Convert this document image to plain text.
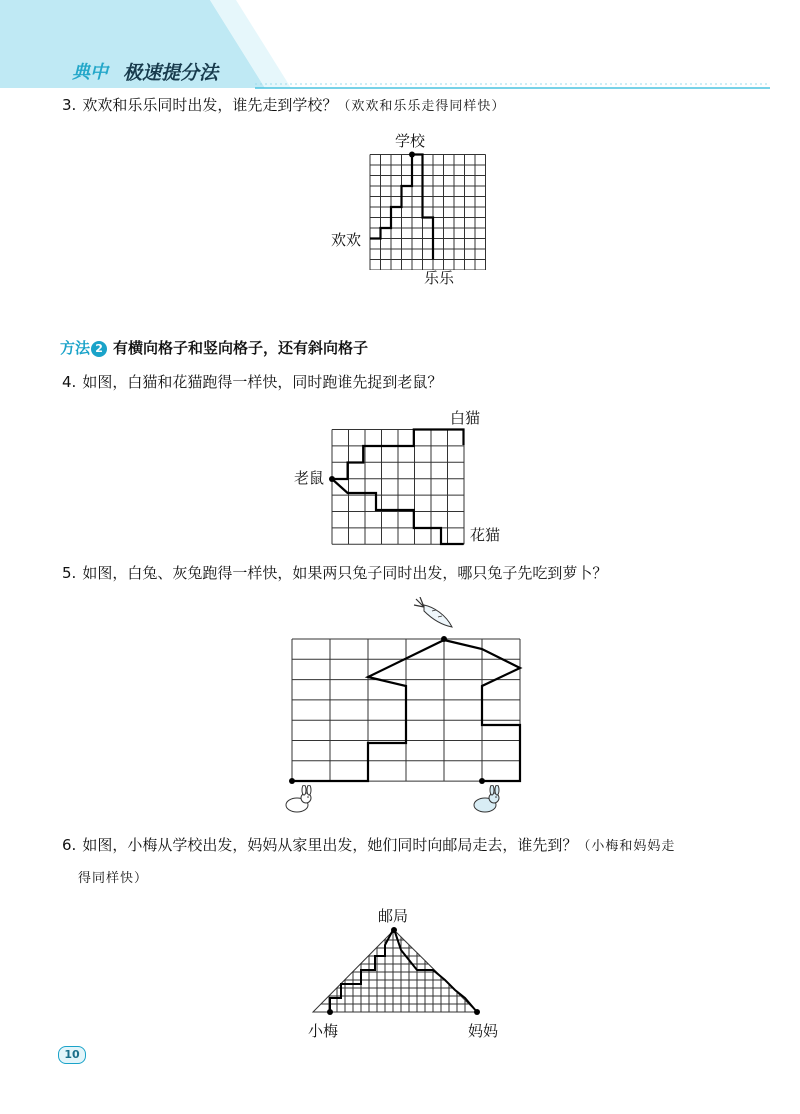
典中 极速提分法
3. 欢欢和乐乐同时出发，谁先走到学校？（欢欢和乐乐走得同样快）
学校
欢欢
乐乐
方法 2 有横向格子和竖向格子，还有斜向格子
4. 如图，白猫和花猫跑得一样快，同时跑谁先捉到老鼠？
白猫
老鼠
花猫
5. 如图，白兔、灰兔跑得一样快，如果两只兔子同时出发，哪只兔子先吃到萝卜？
6. 如图，小梅从学校出发，妈妈从家里出发，她们同时向邮局走去，谁先到？（小梅和妈妈走
得同样快）
邮局
小梅	妈妈
10
